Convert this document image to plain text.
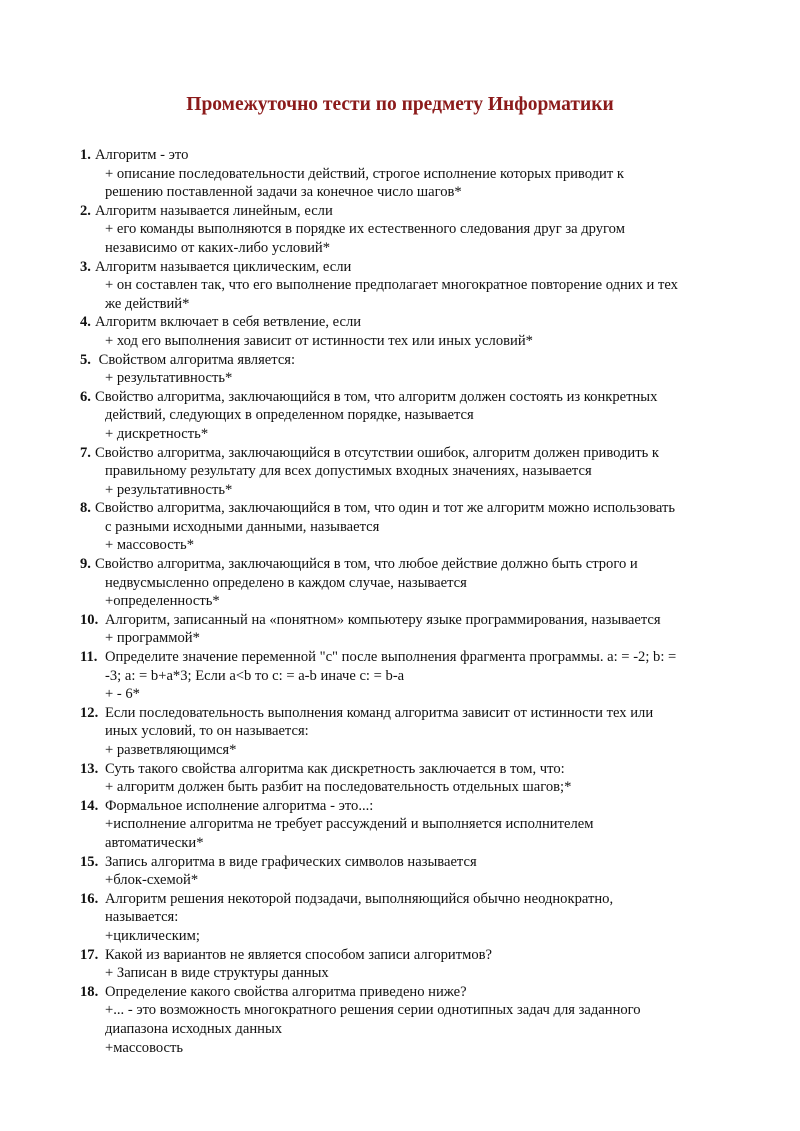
Промежуточно тести по предмету Информатики
1. Алгоритм - это
+ описание последовательности действий, строгое исполнение которых приводит к
решению поставленной задачи за конечное число шагов*
2. Алгоритм называется линейным, если
+ его команды выполняются в порядке их естественного следования друг за другом
независимо от каких-либо условий*
3. Алгоритм называется циклическим, если
+ он составлен так, что его выполнение предполагает многократное повторение одних и тех
же действий*
4. Алгоритм включает в себя ветвление, если
+ ход его выполнения зависит от истинности тех или иных условий*
5. Свойством алгоритма является:
+ результативность*
6. Свойство алгоритма, заключающийся в том, что алгоритм должен состоять из конкретных
действий, следующих в определенном порядке, называется
+ дискретность*
7. Свойство алгоритма, заключающийся в отсутствии ошибок, алгоритм должен приводить к
правильному результату для всех допустимых входных значениях, называется
+ результативность*
8. Свойство алгоритма, заключающийся в том, что один и тот же алгоритм можно использовать
с разными исходными данными, называется
+ массовость*
9. Свойство алгоритма, заключающийся в том, что любое действие должно быть строго и
недвусмысленно определено в каждом случае, называется
+определенность*
10. Алгоритм, записанный на «понятном» компьютеру языке программирования, называется
+ программой*
11. Определите значение переменной "c" после выполнения фрагмента программы. a: = -2; b: =
-3; a: = b+a*3; Если a<b то c: = a-b иначе c: = b-a
+ - 6*
12. Если последовательность выполнения команд алгоритма зависит от истинности тех или
иных условий, то он называется:
+ разветвляющимся*
13. Суть такого свойства алгоритма как дискретность заключается в том, что:
+ алгоритм должен быть разбит на последовательность отдельных шагов;*
14. Формальное исполнение алгоритма - это...:
+исполнение алгоритма не требует рассуждений и выполняется исполнителем
автоматически*
15. Запись алгоритма в виде графических символов называется
+блок-схемой*
16. Алгоритм решения некоторой подзадачи, выполняющийся обычно неоднократно,
называется:
+циклическим;
17. Какой из вариантов не является способом записи алгоритмов?
+ Записан в виде структуры данных
18. Определение какого свойства алгоритма приведено ниже?
+... - это возможность многократного решения серии однотипных задач для заданного
диапазона исходных данных
+массовость
